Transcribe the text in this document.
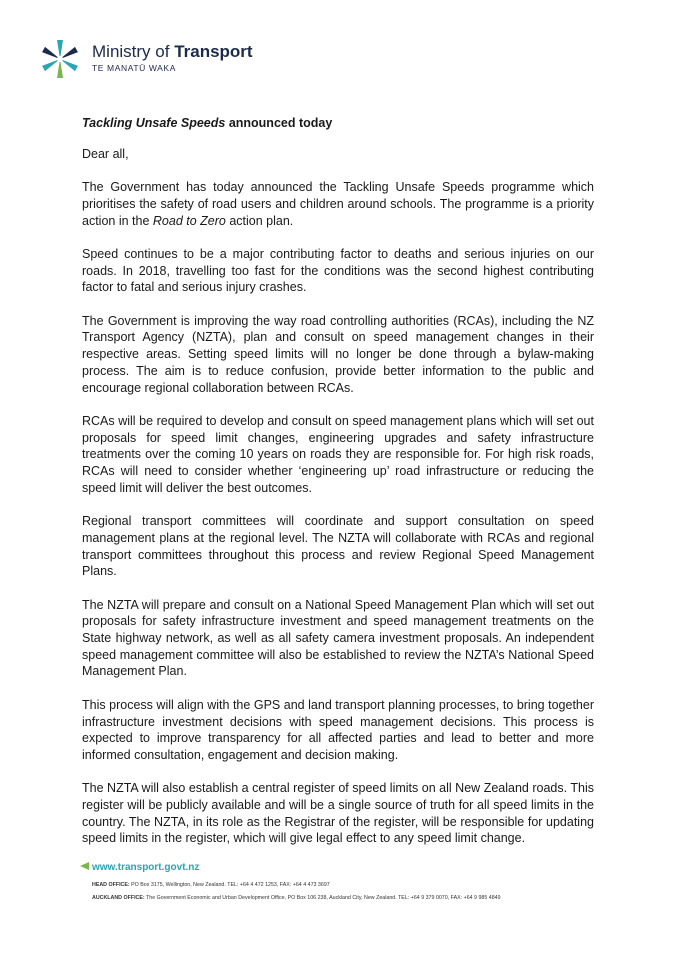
Ministry of Transport
TE MANATŪ WAKA

Tackling Unsafe Speeds announced today

Dear all,

The Government has today announced the Tackling Unsafe Speeds programme which prioritises the safety of road users and children around schools. The programme is a priority action in the Road to Zero action plan.

Speed continues to be a major contributing factor to deaths and serious injuries on our roads. In 2018, travelling too fast for the conditions was the second highest contributing factor to fatal and serious injury crashes.

The Government is improving the way road controlling authorities (RCAs), including the NZ Transport Agency (NZTA), plan and consult on speed management changes in their respective areas. Setting speed limits will no longer be done through a bylaw-making process. The aim is to reduce confusion, provide better information to the public and encourage regional collaboration between RCAs.

RCAs will be required to develop and consult on speed management plans which will set out proposals for speed limit changes, engineering upgrades and safety infrastructure treatments over the coming 10 years on roads they are responsible for. For high risk roads, RCAs will need to consider whether ‘engineering up’ road infrastructure or reducing the speed limit will deliver the best outcomes.

Regional transport committees will coordinate and support consultation on speed management plans at the regional level. The NZTA will collaborate with RCAs and regional transport committees throughout this process and review Regional Speed Management Plans.

The NZTA will prepare and consult on a National Speed Management Plan which will set out proposals for safety infrastructure investment and speed management treatments on the State highway network, as well as all safety camera investment proposals. An independent speed management committee will also be established to review the NZTA’s National Speed Management Plan.

This process will align with the GPS and land transport planning processes, to bring together infrastructure investment decisions with speed management decisions. This process is expected to improve transparency for all affected parties and lead to better and more informed consultation, engagement and decision making.

The NZTA will also establish a central register of speed limits on all New Zealand roads. This register will be publicly available and will be a single source of truth for all speed limits in the country. The NZTA, in its role as the Registrar of the register, will be responsible for updating speed limits in the register, which will give legal effect to any speed limit change.

www.transport.govt.nz
HEAD OFFICE: PO Box 3175, Wellington, New Zealand. TEL: +64 4 472 1253, FAX: +64 4 473 3697
AUCKLAND OFFICE: The Government Economic and Urban Development Office, PO Box 106 238, Auckland City, New Zealand. TEL: +64 9 379 0070, FAX: +64 9 985 4849
